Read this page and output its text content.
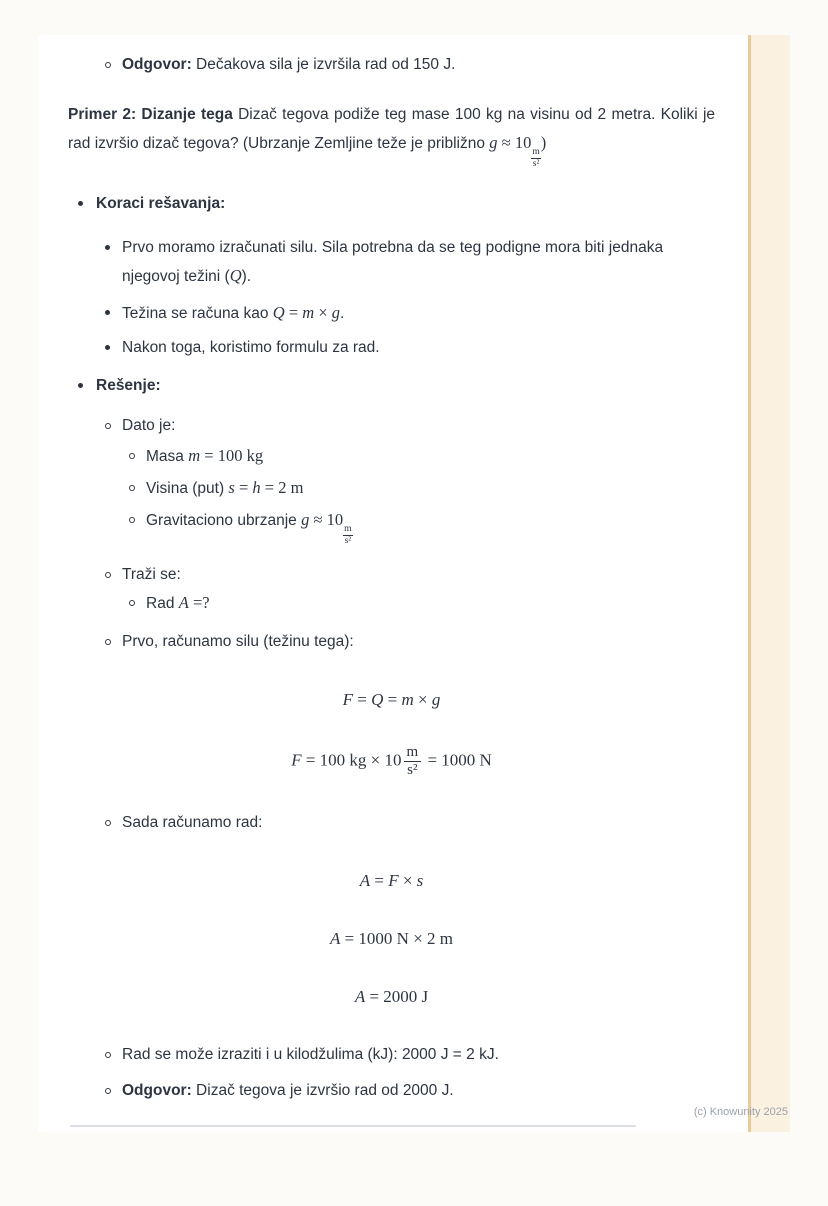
Odgovor: Dečakova sila je izvršila rad od 150 J.
Primer 2: Dizanje tega Dizač tegova podiže teg mase 100 kg na visinu od 2 metra. Koliki je rad izvršio dizač tegova? (Ubrzanje Zemljine teže je približno g ≈ 10
$\frac{m}{\text{s²}}$
)
Koraci rešavanja:
Prvo moramo izračunati silu. Sila potrebna da se teg podigne mora biti jednaka njegovoj težini (Q).
Težina se računa kao Q = m × g.
Nakon toga, koristimo formulu za rad.
Rešenje:
Dato je:
Masa m = 100 kg
Visina (put) s = h = 2 m
Gravitaciono ubrzanje g ≈ 10
$\frac{m}{\text{s²}}$
Traži se:
Rad A =?
Prvo, računamo silu (težinu tega):
F = Q = m × g
F = 100 kg × $10 \frac{m}{\text{s²}} = 1000$ N
Sada računamo rad:
A = F × s
A = 1000 N × 2 m
A = 2000 J
Rad se može izraziti i u kilodžulima (kJ): 2000 J = 2 kJ.
Odgovor: Dizač tegova je izvršio rad od 2000 J.
(c) Knowunity 2025
